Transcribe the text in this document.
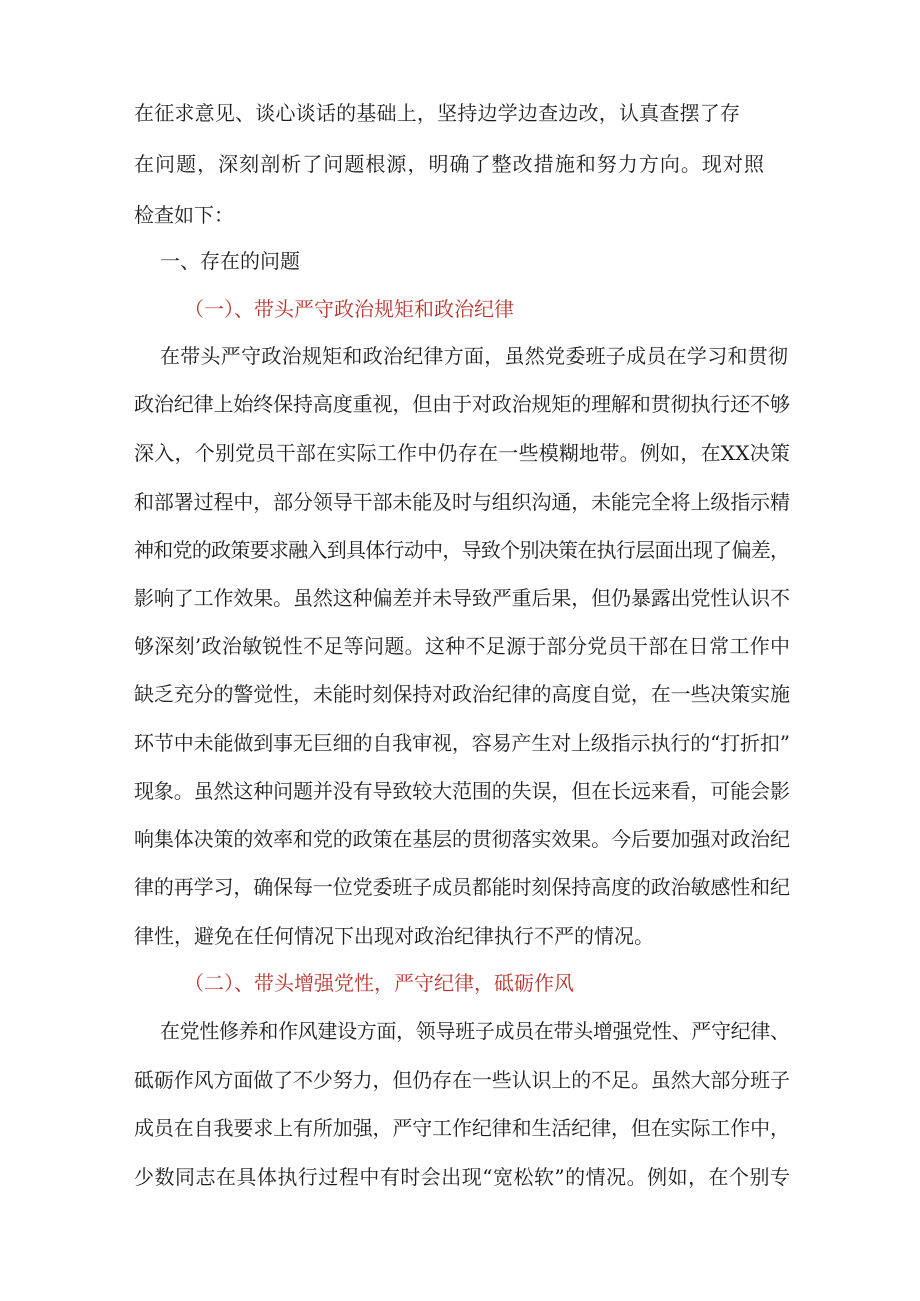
在征求意见、谈心谈话的基础上，坚持边学边查边改，认真查摆了存
在问题，深刻剖析了问题根源，明确了整改措施和努力方向。现对照
检查如下：
一、存在的问题
（一）、带头严守政治规矩和政治纪律
在带头严守政治规矩和政治纪律方面，虽然党委班子成员在学习和贯彻
政治纪律上始终保持高度重视，但由于对政治规矩的理解和贯彻执行还不够
深入，个别党员干部在实际工作中仍存在一些模糊地带。例如，在XX决策
和部署过程中，部分领导干部未能及时与组织沟通，未能完全将上级指示精
神和党的政策要求融入到具体行动中，导致个别决策在执行层面出现了偏差，
影响了工作效果。虽然这种偏差并未导致严重后果，但仍暴露出党性认识不
够深刻’政治敏锐性不足等问题。这种不足源于部分党员干部在日常工作中
缺乏充分的警觉性，未能时刻保持对政治纪律的高度自觉，在一些决策实施
环节中未能做到事无巨细的自我审视，容易产生对上级指示执行的“打折扣”
现象。虽然这种问题并没有导致较大范围的失误，但在长远来看，可能会影
响集体决策的效率和党的政策在基层的贯彻落实效果。今后要加强对政治纪
律的再学习，确保每一位党委班子成员都能时刻保持高度的政治敏感性和纪
律性，避免在任何情况下出现对政治纪律执行不严的情况。
（二）、带头增强党性，严守纪律，砥砺作风
在党性修养和作风建设方面，领导班子成员在带头增强党性、严守纪律、
砥砺作风方面做了不少努力，但仍存在一些认识上的不足。虽然大部分班子
成员在自我要求上有所加强，严守工作纪律和生活纪律，但在实际工作中，
少数同志在具体执行过程中有时会出现“宽松软”的情况。例如，在个别专
